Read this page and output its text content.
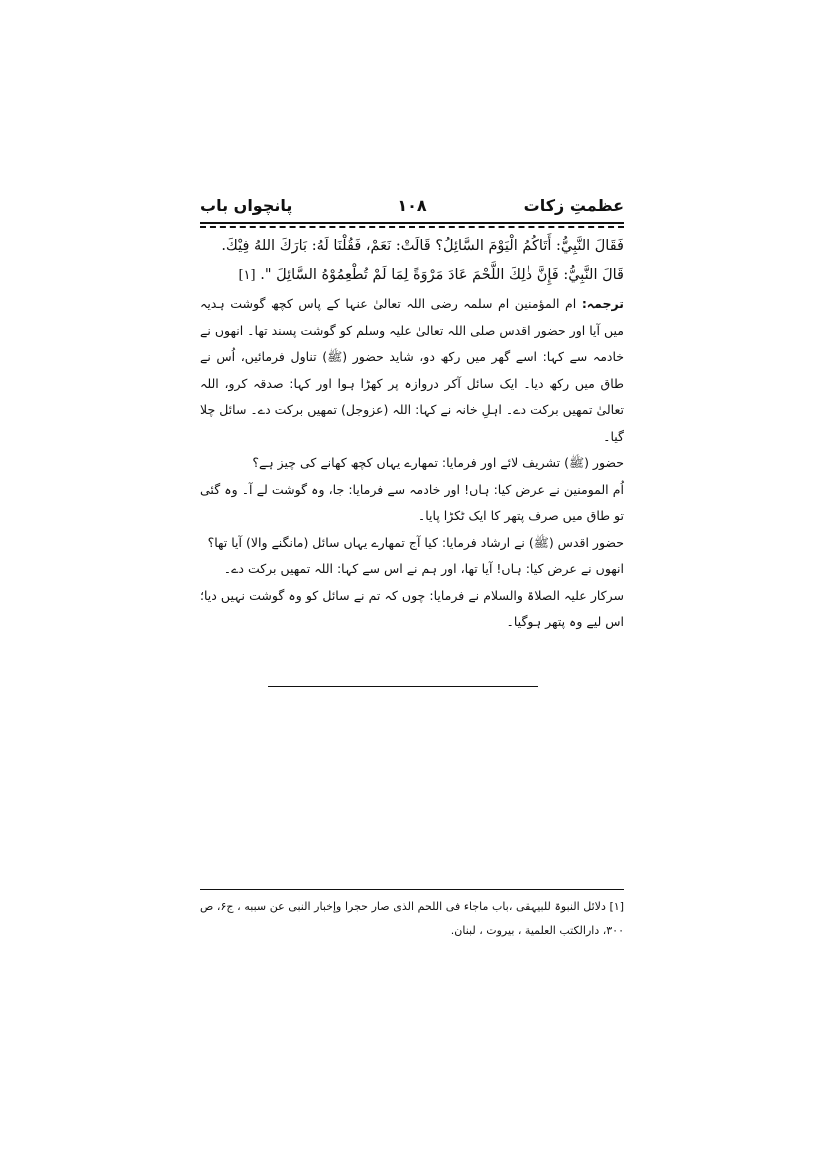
عظمتِ زکات
۱۰۸
پانچواں باب

فَقَالَ النَّبِيُّ: أَتَاكُمُ الْيَوْمَ السَّائِلُ؟ قَالَتْ: نَعَمْ، فَقُلْنَا لَهُ: بَارَكَ اللهُ فِيْكَ.

قَالَ النَّبِيُّ: فَإِنَّ ذٰلِكَ اللَّحْمَ عَادَ مَرْوَةً لِمَا لَمْ تُطْعِمُوْهُ السَّائِلَ ". [۱]

ترجمہ: ام المؤمنین ام سلمہ رضی اللہ تعالیٰ عنہا کے پاس کچھ گوشت ہدیہ میں آیا اور حضور اقدس صلی اللہ تعالیٰ علیہ وسلم کو گوشت پسند تھا۔ انھوں نے خادمہ سے کہا: اسے گھر میں رکھ دو، شاید حضور (ﷺ) تناول فرمائیں، اُس نے طاق میں رکھ دیا۔ ایک سائل آکر دروازہ پر کھڑا ہوا اور کہا: صدقہ کرو، اللہ تعالیٰ تمھیں برکت دے۔ اہلِ خانہ نے کہا: اللہ (عزوجل) تمھیں برکت دے۔ سائل چلا گیا۔

حضور (ﷺ) تشریف لائے اور فرمایا: تمھارے یہاں کچھ کھانے کی چیز ہے؟

اُم المومنین نے عرض کیا: ہاں! اور خادمہ سے فرمایا: جا، وہ گوشت لے آ۔ وہ گئی تو طاق میں صرف پتھر کا ایک ٹکڑا پایا۔

حضور اقدس (ﷺ) نے ارشاد فرمایا: کیا آج تمھارے یہاں سائل (مانگنے والا) آیا تھا؟

انھوں نے عرض کیا: ہاں! آیا تھا، اور ہم نے اس سے کہا: اللہ تمھیں برکت دے۔

سرکار علیہ الصلاۃ والسلام نے فرمایا: چوں کہ تم نے سائل کو وہ گوشت نہیں دیا؛ اس لیے وہ پتھر ہوگیا۔

[۱] دلائل النبوۃ للبیہقی ،باب ماجاء فی اللحم الذی صار حجرا وإخبار النبی عن سببه ، ج۶، ص ۳۰۰، دارالکتب العلمیة ، بیروت ، لبنان.
